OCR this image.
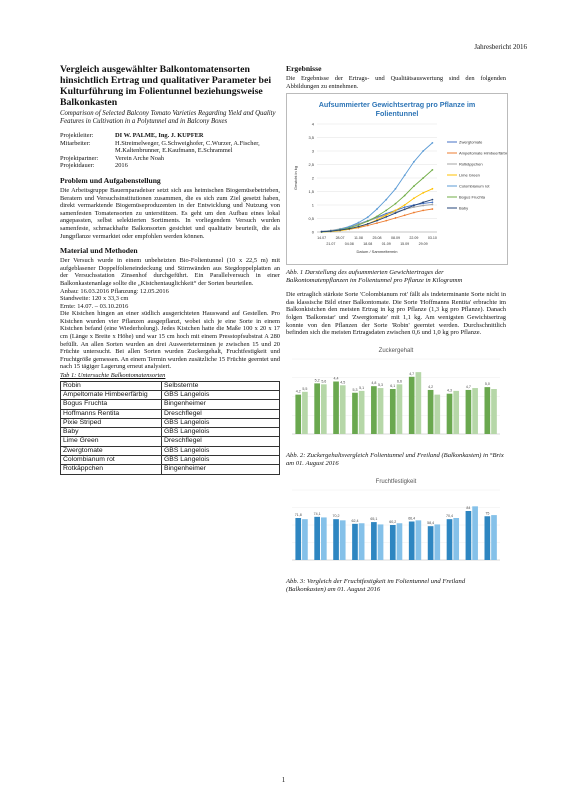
Jahresbericht 2016
Vergleich ausgewählter Balkontomatensorten hinsichtlich Ertrag und qualitativer Parameter bei Kulturführung im Folientunnel beziehungsweise Balkonkasten
Comparison of Selected Balcony Tomato Varieties Regarding Yield and Quality Features in Cultivation in a Polytunnel and in Balcony Boxes
Projektleiter:	DI W. PALME, Ing. J. KUPFER
Mitarbeiter:	H.Streimelweger, G.Schweighofer, C.Wurzer, A.Fischer, M.Kaltenbrunner, E.Kaufmann, E.Schrammel
Projektpartner:	Verein Arche Noah
Projektdauer:	2016
Problem und Aufgabenstellung

Die Arbeitsgruppe Bauernparadeiser setzt sich aus heimischen Biogemüsebetrieben, Beratern und Versuchsinstitutionen zusammen, die es sich zum Ziel gesetzt haben, direkt vermarktende Biogemüseproduzenten in der Entwicklung und Nutzung von samenfesten Tomatensorten zu unterstützen. Es geht um den Aufbau eines lokal angepassten, selbst selektierten Sortiments. In vorliegendem Versuch wurden samenfeste, schmackhafte Balkonsorten gesichtet und qualitativ beurteilt, die als Jungpflanze vermarktet oder empfohlen werden können.

Material und Methoden

Der Versuch wurde in einem unbeheizten Bio-Folientunnel (10 x 22,5 m) mit aufgeblasener Doppelfolieneindeckung und Stirnwänden aus Stegdoppelplatten an der Versuchsstation Zinsenhof durchgeführt. Ein Parallelversuch in einer Balkonkastenanlage sollte die „Kistchentauglichkeit“ der Sorten beurteilen.

Anbau: 16.03.2016 Pflanzung: 12.05.2016
Standweite: 120 x 33,3 cm
Ernte: 14.07. – 03.10.2016

Die Kistchen hingen an einer südlich ausgerichteten Hauswand auf Gestellen. Pro Kistchen wurden vier Pflanzen ausgepflanzt, wobei sich je eine Sorte in einem Kistchen befand (eine Wiederholung). Jedes Kistchen hatte die Maße 100 x 20 x 17 cm (Länge x Breite x Höhe) und war 15 cm hoch mit einem Presstopfsubstrat A 280 befüllt. An allen Sorten wurden an drei Auswerteterminen je zwischen 15 und 20 Früchte untersucht. Bei allen Sorten wurden Zuckergehalt, Fruchtfestigkeit und Fruchtgröße gemessen. An einem Termin wurden zusätzliche 15 Früchte geerntet und nach 15 tägiger Lagerung erneut analysiert.

Tab 1: Untersuchte Balkontomatensorten
Robin	Selbsternte
Ampeltomate Himbeerfärbig	GBS Langelois
Bogus Fruchta	Bingenheimer
Hoffmanns Rentita	Dreschflegel
Pixie Striped	GBS Langelois
Baby	GBS Langelois
Lime Green	Dreschflegel
Zwergtomate	GBS Langelois
Colombianum rot	GBS Langelois
Rotkäppchen	Bingenheimer
Ergebnisse

Die Ergebnisse der Ertrags- und Qualitätsauswertung sind den folgenden Abbildungen zu entnehmen.

Aufsummierter Gewichtsertrag pro Pflanze im
Folientunnel
0
0,5
1
1,5
2
2,5
3
3,5
4
14.07
21.07
28.07
04.08
11.08
18.08
25.08
01.09
08.09
15.09
22.09
29.09
03.10
Datum / Sammeltermin
Gewicht in kg
Zwergtomate
Ampeltomate Himbeerfärbig
Rotkäppchen
Lime Green
Colombianum rot
Bogus Fruchta
Baby
Abb. 1 Darstellung des aufsummierten Gewichtertrages der Balkontomatenpflanzen im Folientunnel pro Pflanze in Kilogramm

Die ertraglich stärkste Sorte 'Colombianum rot' fällt als indeterminante Sorte nicht in das klassische Bild einer Balkontomate. Die Sorte 'Hoffmanns Rentita' erbrachte im Balkonkistchen den meisten Ertrag in kg pro Pflanze (1,3 kg pro Pflanze). Danach folgen 'Balkonstar' und 'Zwergtomate' mit 1,1 kg. Am wenigsten Gewichtsertrag konnte von den Pflanzen der Sorte 'Robin' geerntet werden. Durchschnittlich befinden sich die meisten Ertragsdaten zwischen 0,6 und 1,0 kg pro Pflanze.

Zuckergehalt
4,2
5,5
5,2 5,6
4,4
4,5
5,3 5,1
4,8 5,3 6,1
6,6
4,7
4,2
4,3
4,7
5,0
Abb. 2: Zuckergehaltsvergleich Folientunnel und Freiland (Balkonkasten) in °Brix am 01. August 2016
Fruchtfestigkeit
71,8	74,1
70,2
62,4	65,1
60,2
66,4
58,4
70,4
84
75
Abb. 3: Vergleich der Fruchtfestigkeit im Folientunnel und Freiland (Balkonkasten) am 01. August 2016
1
